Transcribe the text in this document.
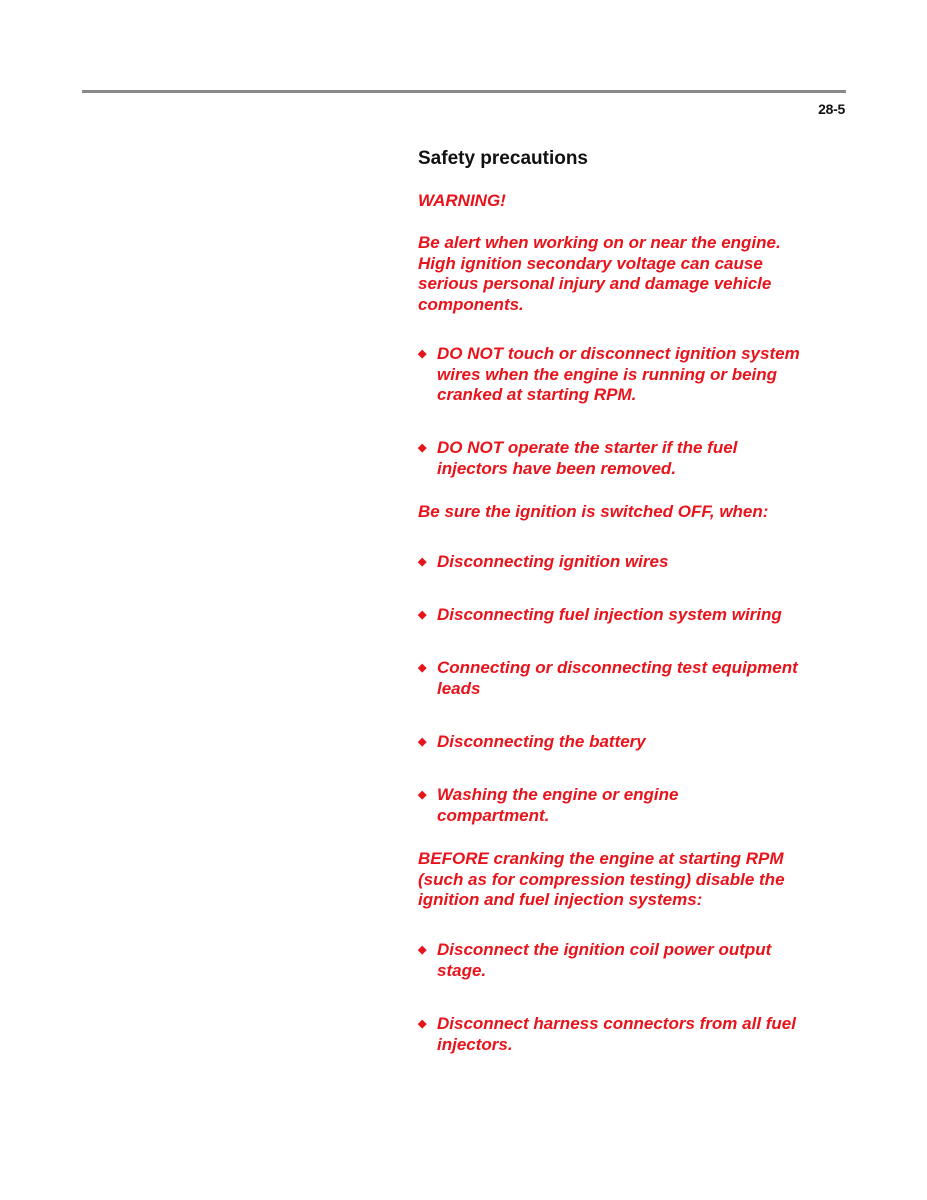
28-5
Safety precautions
WARNING!
Be alert when working on or near the engine.
High ignition secondary voltage can cause
serious personal injury and damage vehicle
components.
◆ DO NOT touch or disconnect ignition system
wires when the engine is running or being
cranked at starting RPM.
◆ DO NOT operate the starter if the fuel
injectors have been removed.
Be sure the ignition is switched OFF, when:
◆ Disconnecting ignition wires
◆ Disconnecting fuel injection system wiring
◆ Connecting or disconnecting test equipment
leads
◆ Disconnecting the battery
◆ Washing the engine or engine
compartment.
BEFORE cranking the engine at starting RPM
(such as for compression testing) disable the
ignition and fuel injection systems:
◆ Disconnect the ignition coil power output
stage.
◆ Disconnect harness connectors from all fuel
injectors.
